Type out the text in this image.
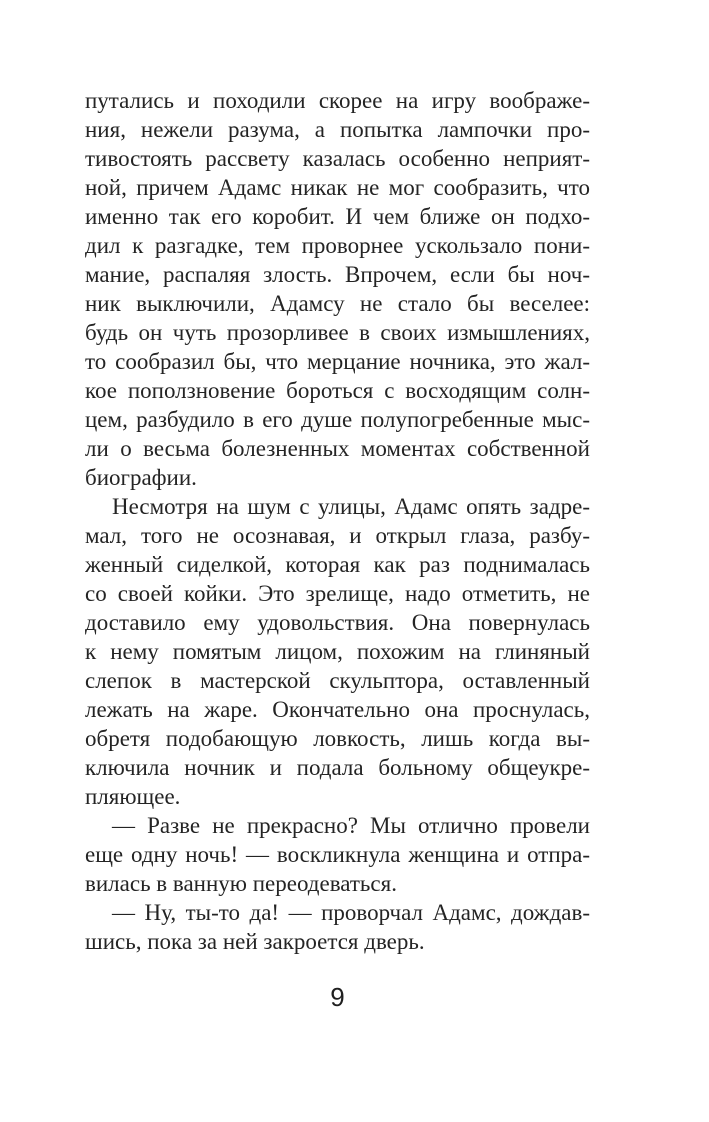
путались и походили скорее на игру воображе-
ния, нежели разума, а попытка лампочки про-
тивостоять рассвету казалась особенно неприят-
ной, причем Адамс никак не мог сообразить, что
именно так его коробит. И чем ближе он подхо-
дил к разгадке, тем проворнее ускользало пони-
мание, распаляя злость. Впрочем, если бы ноч-
ник выключили, Адамсу не стало бы веселее:
будь он чуть прозорливее в своих измышлениях,
то сообразил бы, что мерцание ночника, это жал-
кое поползновение бороться с восходящим солн-
цем, разбудило в его душе полупогребенные мыс-
ли о весьма болезненных моментах собственной
биографии.
Несмотря на шум с улицы, Адамс опять задре-
мал, того не осознавая, и открыл глаза, разбу-
женный сиделкой, которая как раз поднималась
со своей койки. Это зрелище, надо отметить, не
доставило ему удовольствия. Она повернулась
к нему помятым лицом, похожим на глиняный
слепок в мастерской скульптора, оставленный
лежать на жаре. Окончательно она проснулась,
обретя подобающую ловкость, лишь когда вы-
ключила ночник и подала больному общеукре-
пляющее.
— Разве не прекрасно? Мы отлично провели
еще одну ночь! — воскликнула женщина и отпра-
вилась в ванную переодеваться.
— Ну, ты-то да! — проворчал Адамс, дождав-
шись, пока за ней закроется дверь.
9
